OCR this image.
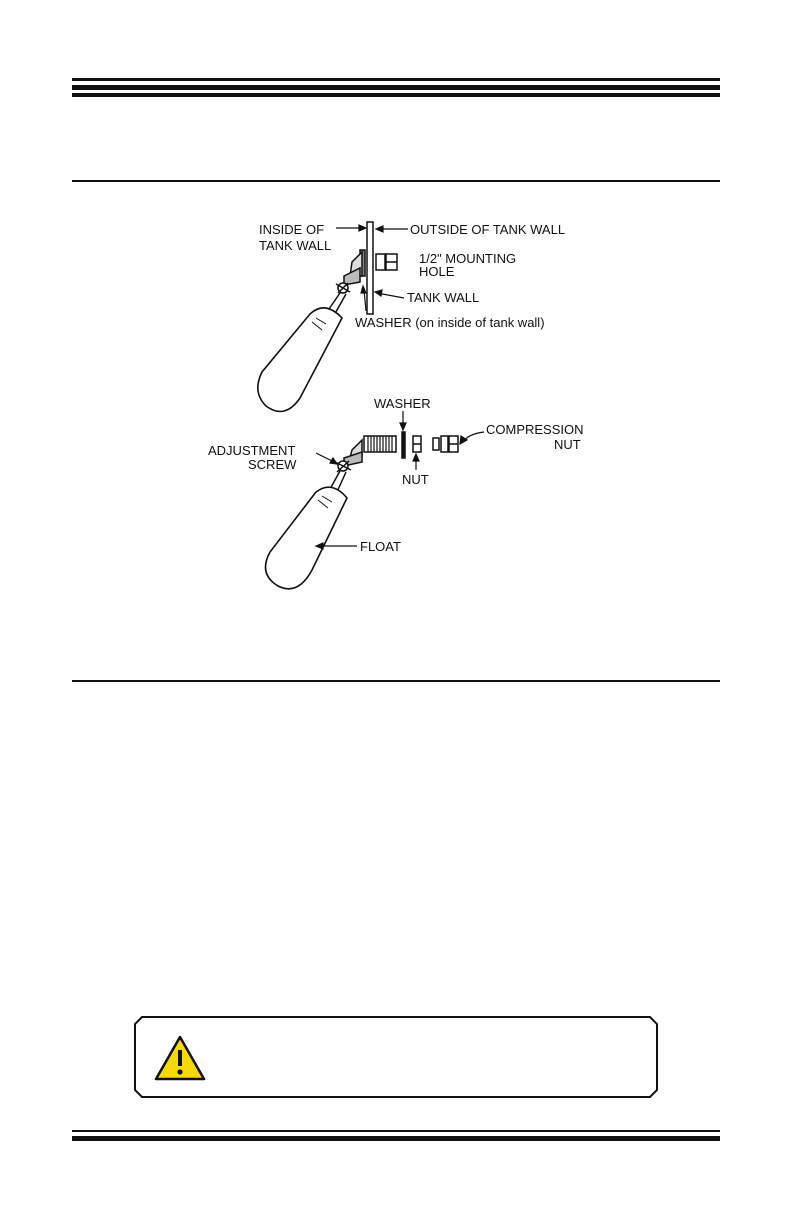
INSIDE OF
TANK WALL
OUTSIDE OF TANK WALL
1/2" MOUNTING
HOLE
TANK WALL
WASHER (on inside of tank wall)
WASHER
COMPRESSION
NUT
ADJUSTMENT
SCREW
NUT
FLOAT
